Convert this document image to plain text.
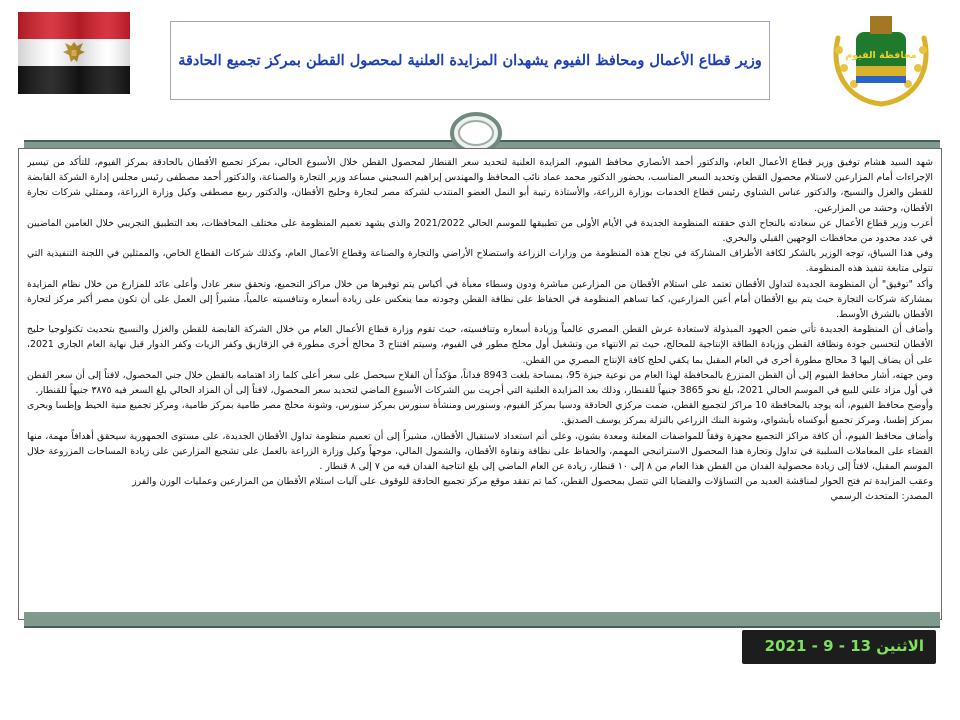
وزير قطاع الأعمال ومحافظ الفيوم يشهدان المزايدة العلنية لمحصول القطن بمركز تجميع الحادقة	محافظة الفيوم

شهد السيد هشام توفيق وزير قطاع الأعمال العام، والدكتور أحمد الأنصاري محافظ الفيوم، المزايدة العلنية لتحديد سعر القنطار لمحصول القطن خلال الأسبوع الحالي، بمركز تجميع الأقطان بالحادقة بمركز الفيوم، للتأكد من تيسير الإجراءات أمام المزارعين لاستلام محصول القطن وتحديد السعر المناسب، بحضور الدكتور محمد عماد نائب المحافظ والمهندس إبراهيم السجيني مساعد وزير التجارة والصناعة، والدكتور أحمد مصطفى رئيس مجلس إدارة الشركة القابضة للقطن والغزل والنسيج، والدكتور عباس الشناوي رئيس قطاع الخدمات بوزارة الزراعة، والأستاذة رتيبة أبو النمل العضو المنتدب لشركة مصر لتجارة وحليج الأقطان، والدكتور ربيع مصطفى وكيل وزارة الزراعة، وممثلي شركات تجارة الأقطان، وحشد من المزارعين.

أعرب وزير قطاع الأعمال عن سعادته بالنجاح الذي حققته المنظومة الجديدة في الأيام الأولى من تطبيقها للموسم الحالي 2021/2022 والذي يشهد تعميم المنظومة على مختلف المحافظات، بعد التطبيق التجريبي خلال العامين الماضيين في عدد محدود من محافظات الوجهين القبلي والبحري.

وفي هذا السياق، توجه الوزير بالشكر لكافة الأطراف المشاركة في نجاح هذه المنظومة من وزارات الزراعة واستصلاح الأراضي والتجارة والصناعة وقطاع الأعمال العام، وكذلك شركات القطاع الخاص، والممثلين في اللجنة التنفيذية التي تتولى متابعة تنفيذ هذه المنظومة.

وأكد "توفيق" أن المنظومة الجديدة لتداول الأقطان تعتمد على استلام الأقطان من المزارعين مباشرة ودون وسطاء معبأة في أكياس يتم توفيرها من خلال مراكز التجميع، وتحقق سعر عادل وأعلى عائد للمزارع من خلال نظام المزايدة بمشاركة شركات التجارة حيث يتم بيع الأقطان أمام أعين المزارعين، كما تساهم المنظومة في الحفاظ على نظافة القطن وجودته مما ينعكس على زيادة أسعاره وتنافسيته عالمياً، مشيراً إلى العمل على أن تكون مصر أكبر مركز لتجارة الأقطان بالشرق الأوسط.

وأضاف أن المنظومة الجديدة تأتي ضمن الجهود المبذولة لاستعادة عرش القطن المصري عالمياً وزيادة أسعاره وتنافسيته، حيث تقوم وزارة قطاع الأعمال العام من خلال الشركة القابضة للقطن والغزل والنسيج بتحديث تكنولوجيا حليج الأقطان لتحسين جودة ونظافة القطن وزيادة الطاقة الإنتاجية للمحالج، حيث تم الانتهاء من وتشغيل أول محلج مطور في الفيوم، وسيتم افتتاح 3 محالج أخرى مطورة في الزقازيق وكفر الزيات وكفر الدوار قبل نهاية العام الجاري 2021، على أن يضاف إليها 3 محالج مطورة أخرى في العام المقبل بما يكفي لحلج كافة الإنتاج المصري من القطن.

ومن جهته، أشار محافظ الفيوم إلى أن القطن المنزرع بالمحافظة لهذا العام من نوعية جيزة 95، بمساحة بلغت 8943 فداناً، مؤكداً أن الفلاح سيحصل على سعر أعلى كلما زاد اهتمامه بالقطن خلال جني المحصول، لافتاً إلى أن سعر القطن في أول مزاد علني للبيع في الموسم الحالي 2021، بلغ نحو 3865 جنيهاً للقنطار، وذلك بعد المزايدة العلنية التي أجريت بين الشركات الأسبوع الماضي لتحديد سعر المحصول، لافتاً إلى أن المزاد الحالي بلغ السعر فيه ٣٨٧٥ جنيهاً للقنطار.

وأوضح محافظ الفيوم، أنه يوجد بالمحافظة 10 مراكز لتجميع القطن، ضمت مركزي الحادقة ودسيا بمركز الفيوم، وسنورس ومنشأة سنورس بمركز سنورس، وشونة محلج مصر طامية بمركز طامية، ومركز تجميع منية الحيط وإطسا وبحرى بمركز إطسا، ومركز تجميع أبوكساه بأبشواي، وشونة البنك الزراعي بالنزلة بمركز يوسف الصديق.

وأضاف محافظ الفيوم، أن كافة مراكز التجميع مجهزة وفقاً للمواصفات المعلنة ومعدة بشون، وعلى أتم استعداد لاستقبال الأقطان، مشيراً إلى أن تعميم منظومة تداول الأقطان الجديدة، على مستوى الجمهورية سيحقق أهدافاً مهمة، منها القضاء على المعاملات السلبية في تداول وتجارة هذا المحصول الاستراتيجي المهمم، والحفاظ على نظافة ونقاوة الأقطان، والشمول المالي، موجهاً وكيل وزارة الزراعة بالعمل على تشجيع المزارعين على زيادة المساحات المزروعة خلال الموسم المقبل، لافتاً إلى زيادة محصولية الفدان من القطن هذا العام من ٨ إلى ١٠ قنطار، زيادة عن العام الماضي إلى بلغ انتاجية الفدان فيه من ٧ إلى ٨ قنطار .

وعقب المزايدة تم فتح الحوار لمناقشة العديد من التساؤلات والقضايا التي تتصل بمحصول القطن، كما تم تفقد موقع مركز تجميع الحادقة للوقوف على آليات استلام الأقطان من المزارعين وعمليات الوزن والفرز

المصدر: المتحدث الرسمي

الاثنين 13 - 9 - 2021
